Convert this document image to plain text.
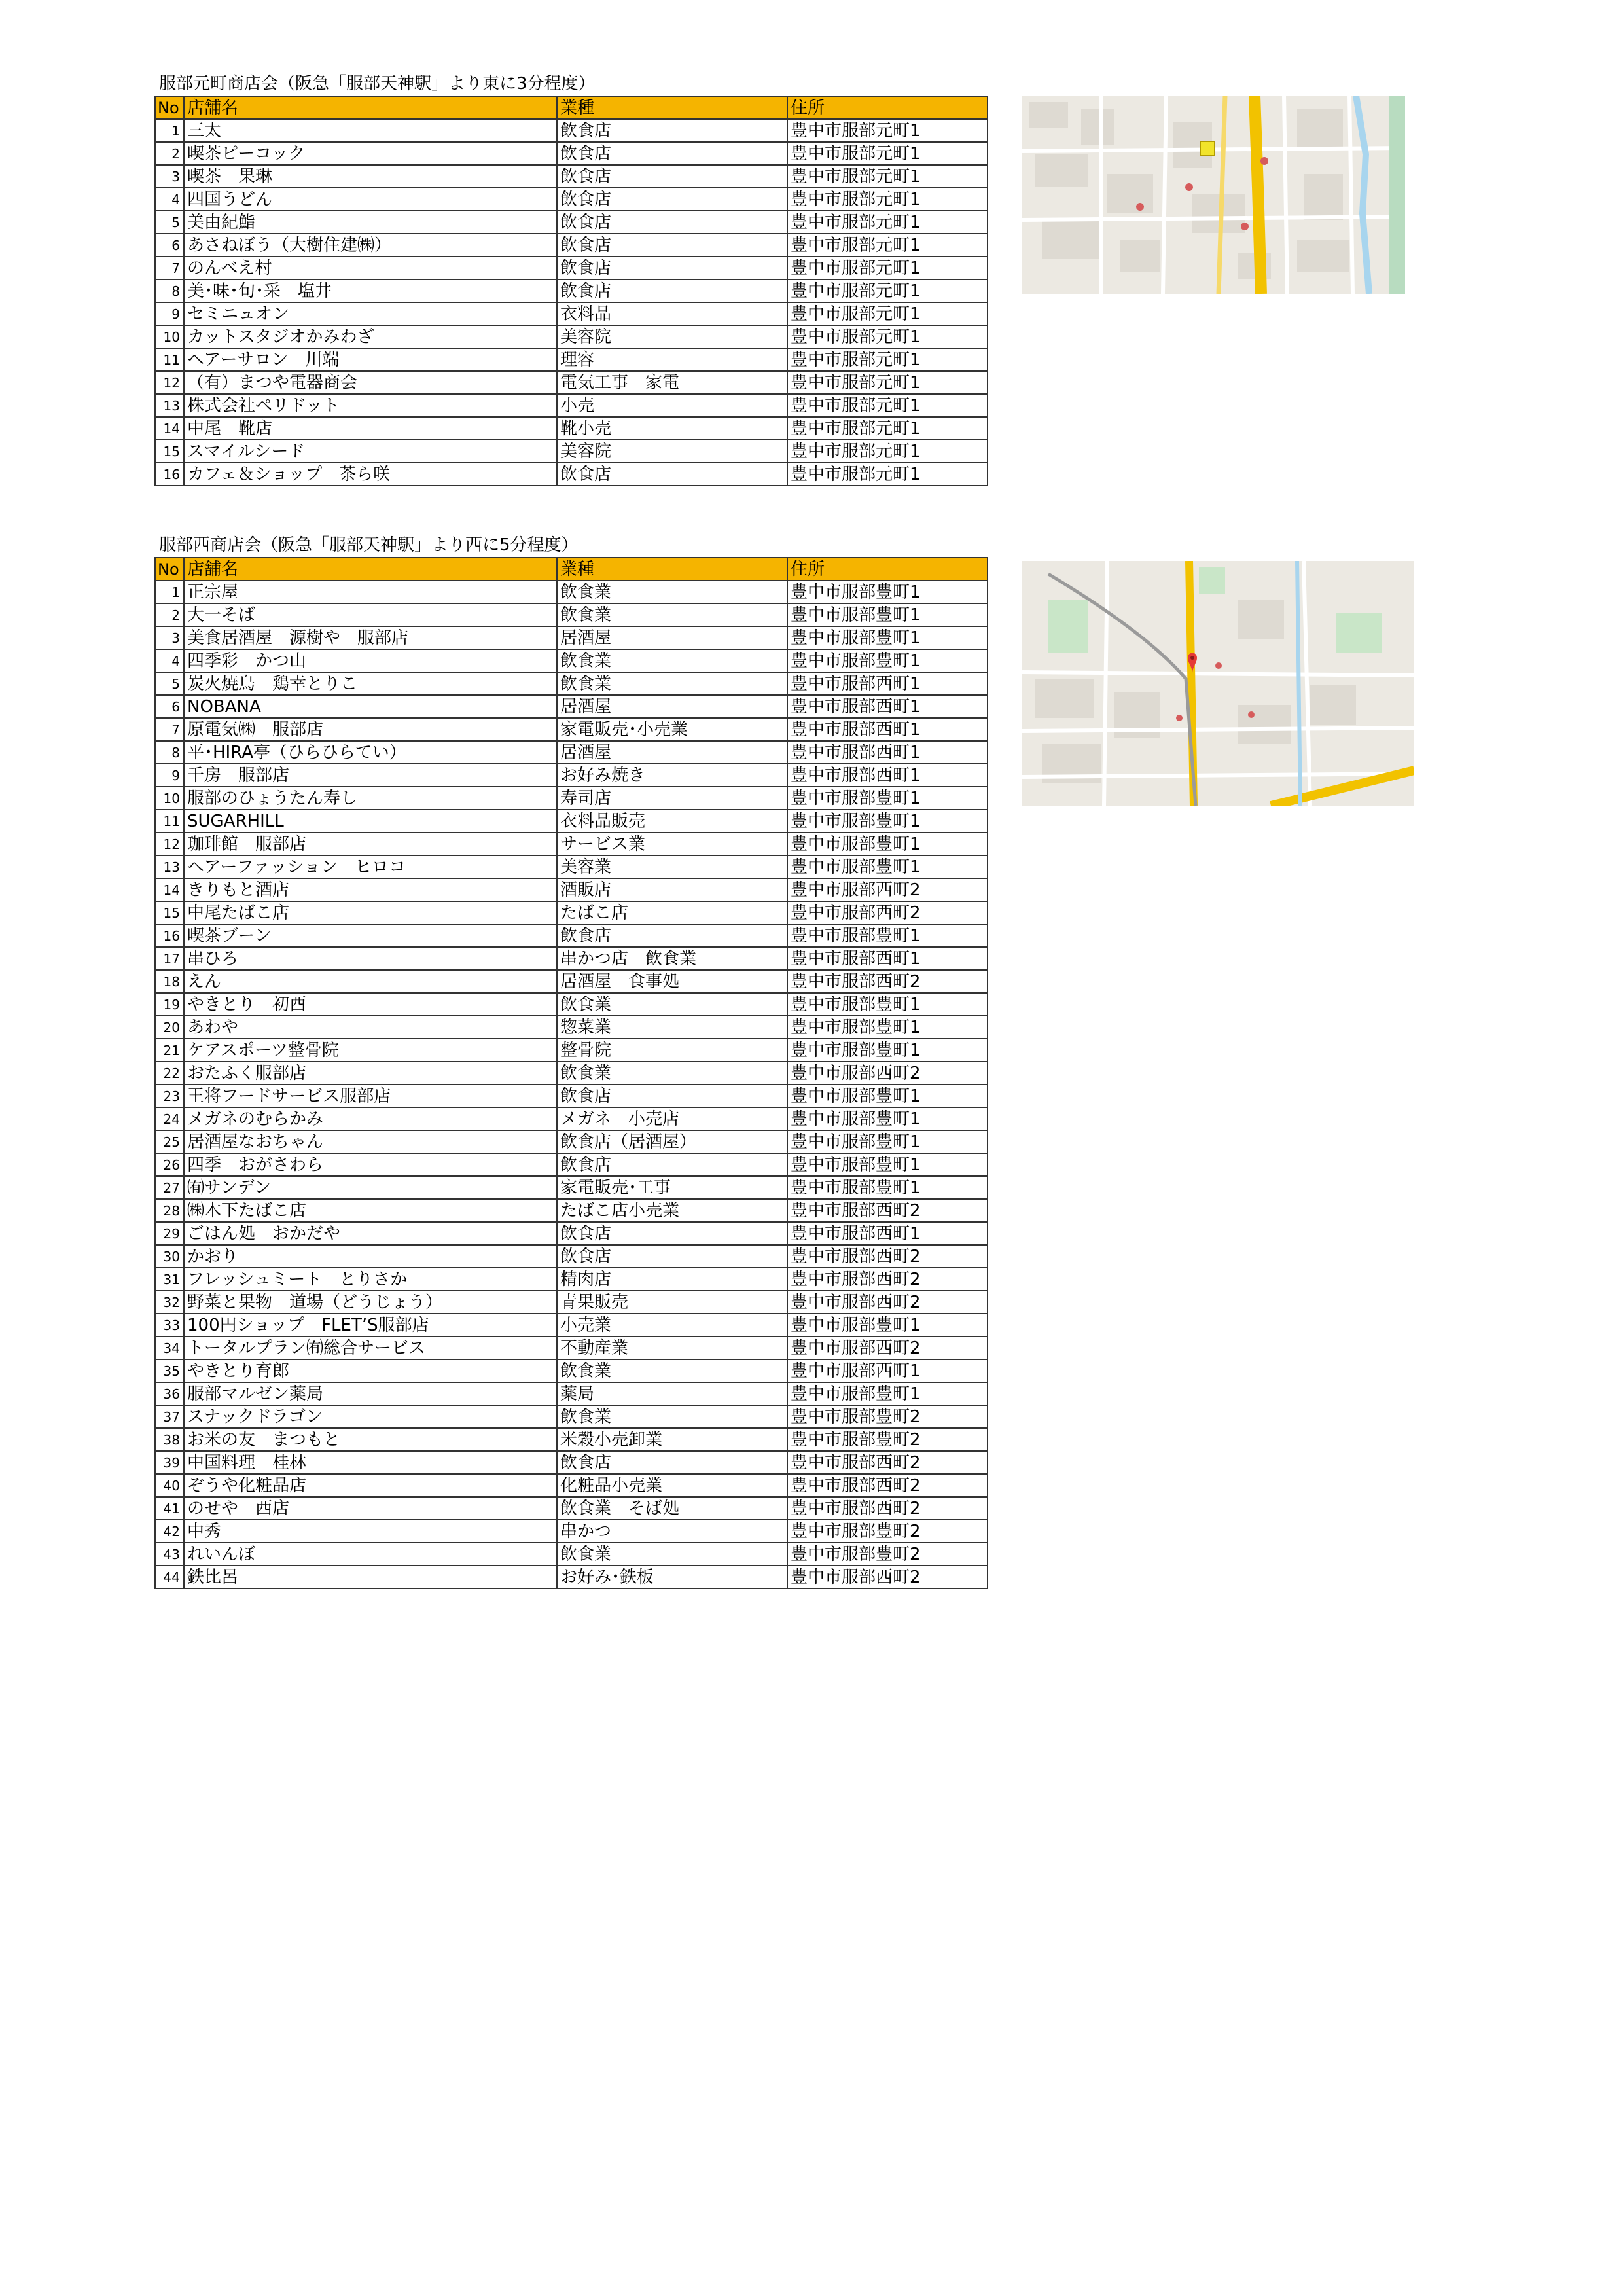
服部元町商店会（阪急「服部天神駅」より東に3分程度）
No	店舗名	業種	住所
1	三太	飲食店	豊中市服部元町1
2	喫茶ピーコック	飲食店	豊中市服部元町1
3	喫茶　果琳	飲食店	豊中市服部元町1
4	四国うどん	飲食店	豊中市服部元町1
5	美由紀鮨	飲食店	豊中市服部元町1
6	あさねぼう（大樹住建㈱）	飲食店	豊中市服部元町1
7	のんべえ村	飲食店	豊中市服部元町1
8	美･味･旬･采　塩井	飲食店	豊中市服部元町1
9	セミニュオン	衣料品	豊中市服部元町1
10	カットスタジオかみわざ	美容院	豊中市服部元町1
11	ヘアーサロン　川端	理容	豊中市服部元町1
12	（有）まつや電器商会	電気工事　家電	豊中市服部元町1
13	株式会社ペリドット	小売	豊中市服部元町1
14	中尾　靴店	靴小売	豊中市服部元町1
15	スマイルシード	美容院	豊中市服部元町1
16	カフェ＆ショップ　茶ら咲	飲食店	豊中市服部元町1
服部西商店会（阪急「服部天神駅」より西に5分程度）
No	店舗名	業種	住所
1	正宗屋	飲食業	豊中市服部豊町1
2	大一そば	飲食業	豊中市服部豊町1
3	美食居酒屋　源樹や　服部店	居酒屋	豊中市服部豊町1
4	四季彩　かつ山	飲食業	豊中市服部豊町1
5	炭火焼鳥　鶏幸とりこ	飲食業	豊中市服部西町1
6	NOBANA	居酒屋	豊中市服部西町1
7	原電気㈱　服部店	家電販売･小売業	豊中市服部西町1
8	平･HIRA亭（ひらひらてい）	居酒屋	豊中市服部西町1
9	千房　服部店	お好み焼き	豊中市服部西町1
10	服部のひょうたん寿し	寿司店	豊中市服部豊町1
11	SUGARHILL	衣料品販売	豊中市服部豊町1
12	珈琲館　服部店	サービス業	豊中市服部豊町1
13	ヘアーファッション　ヒロコ	美容業	豊中市服部豊町1
14	きりもと酒店	酒販店	豊中市服部西町2
15	中尾たばこ店	たばこ店	豊中市服部西町2
16	喫茶ブーン	飲食店	豊中市服部豊町1
17	串ひろ	串かつ店　飲食業	豊中市服部西町1
18	えん	居酒屋　食事処	豊中市服部西町2
19	やきとり　初酉	飲食業	豊中市服部豊町1
20	あわや	惣菜業	豊中市服部豊町1
21	ケアスポーツ整骨院	整骨院	豊中市服部豊町1
22	おたふく服部店	飲食業	豊中市服部西町2
23	王将フードサービス服部店	飲食店	豊中市服部豊町1
24	メガネのむらかみ	メガネ　小売店	豊中市服部豊町1
25	居酒屋なおちゃん	飲食店（居酒屋）	豊中市服部豊町1
26	四季　おがさわら	飲食店	豊中市服部豊町1
27	㈲サンデン	家電販売･工事	豊中市服部豊町1
28	㈱木下たばこ店	たばこ店小売業	豊中市服部西町2
29	ごはん処　おかだや	飲食店	豊中市服部西町1
30	かおり	飲食店	豊中市服部西町2
31	フレッシュミート　とりさか	精肉店	豊中市服部西町2
32	野菜と果物　道場（どうじょう）	青果販売	豊中市服部西町2
33	100円ショップ　FLET’S服部店	小売業	豊中市服部豊町1
34	トータルプラン㈲総合サービス	不動産業	豊中市服部西町2
35	やきとり育郎	飲食業	豊中市服部西町1
36	服部マルゼン薬局	薬局	豊中市服部豊町1
37	スナックドラゴン	飲食業	豊中市服部豊町2
38	お米の友　まつもと	米穀小売卸業	豊中市服部豊町2
39	中国料理　桂林	飲食店	豊中市服部西町2
40	ぞうや化粧品店	化粧品小売業	豊中市服部西町2
41	のせや　西店	飲食業　そば処	豊中市服部西町2
42	中秀	串かつ	豊中市服部豊町2
43	れいんぼ	飲食業	豊中市服部豊町2
44	鉄比呂	お好み･鉄板	豊中市服部西町2
